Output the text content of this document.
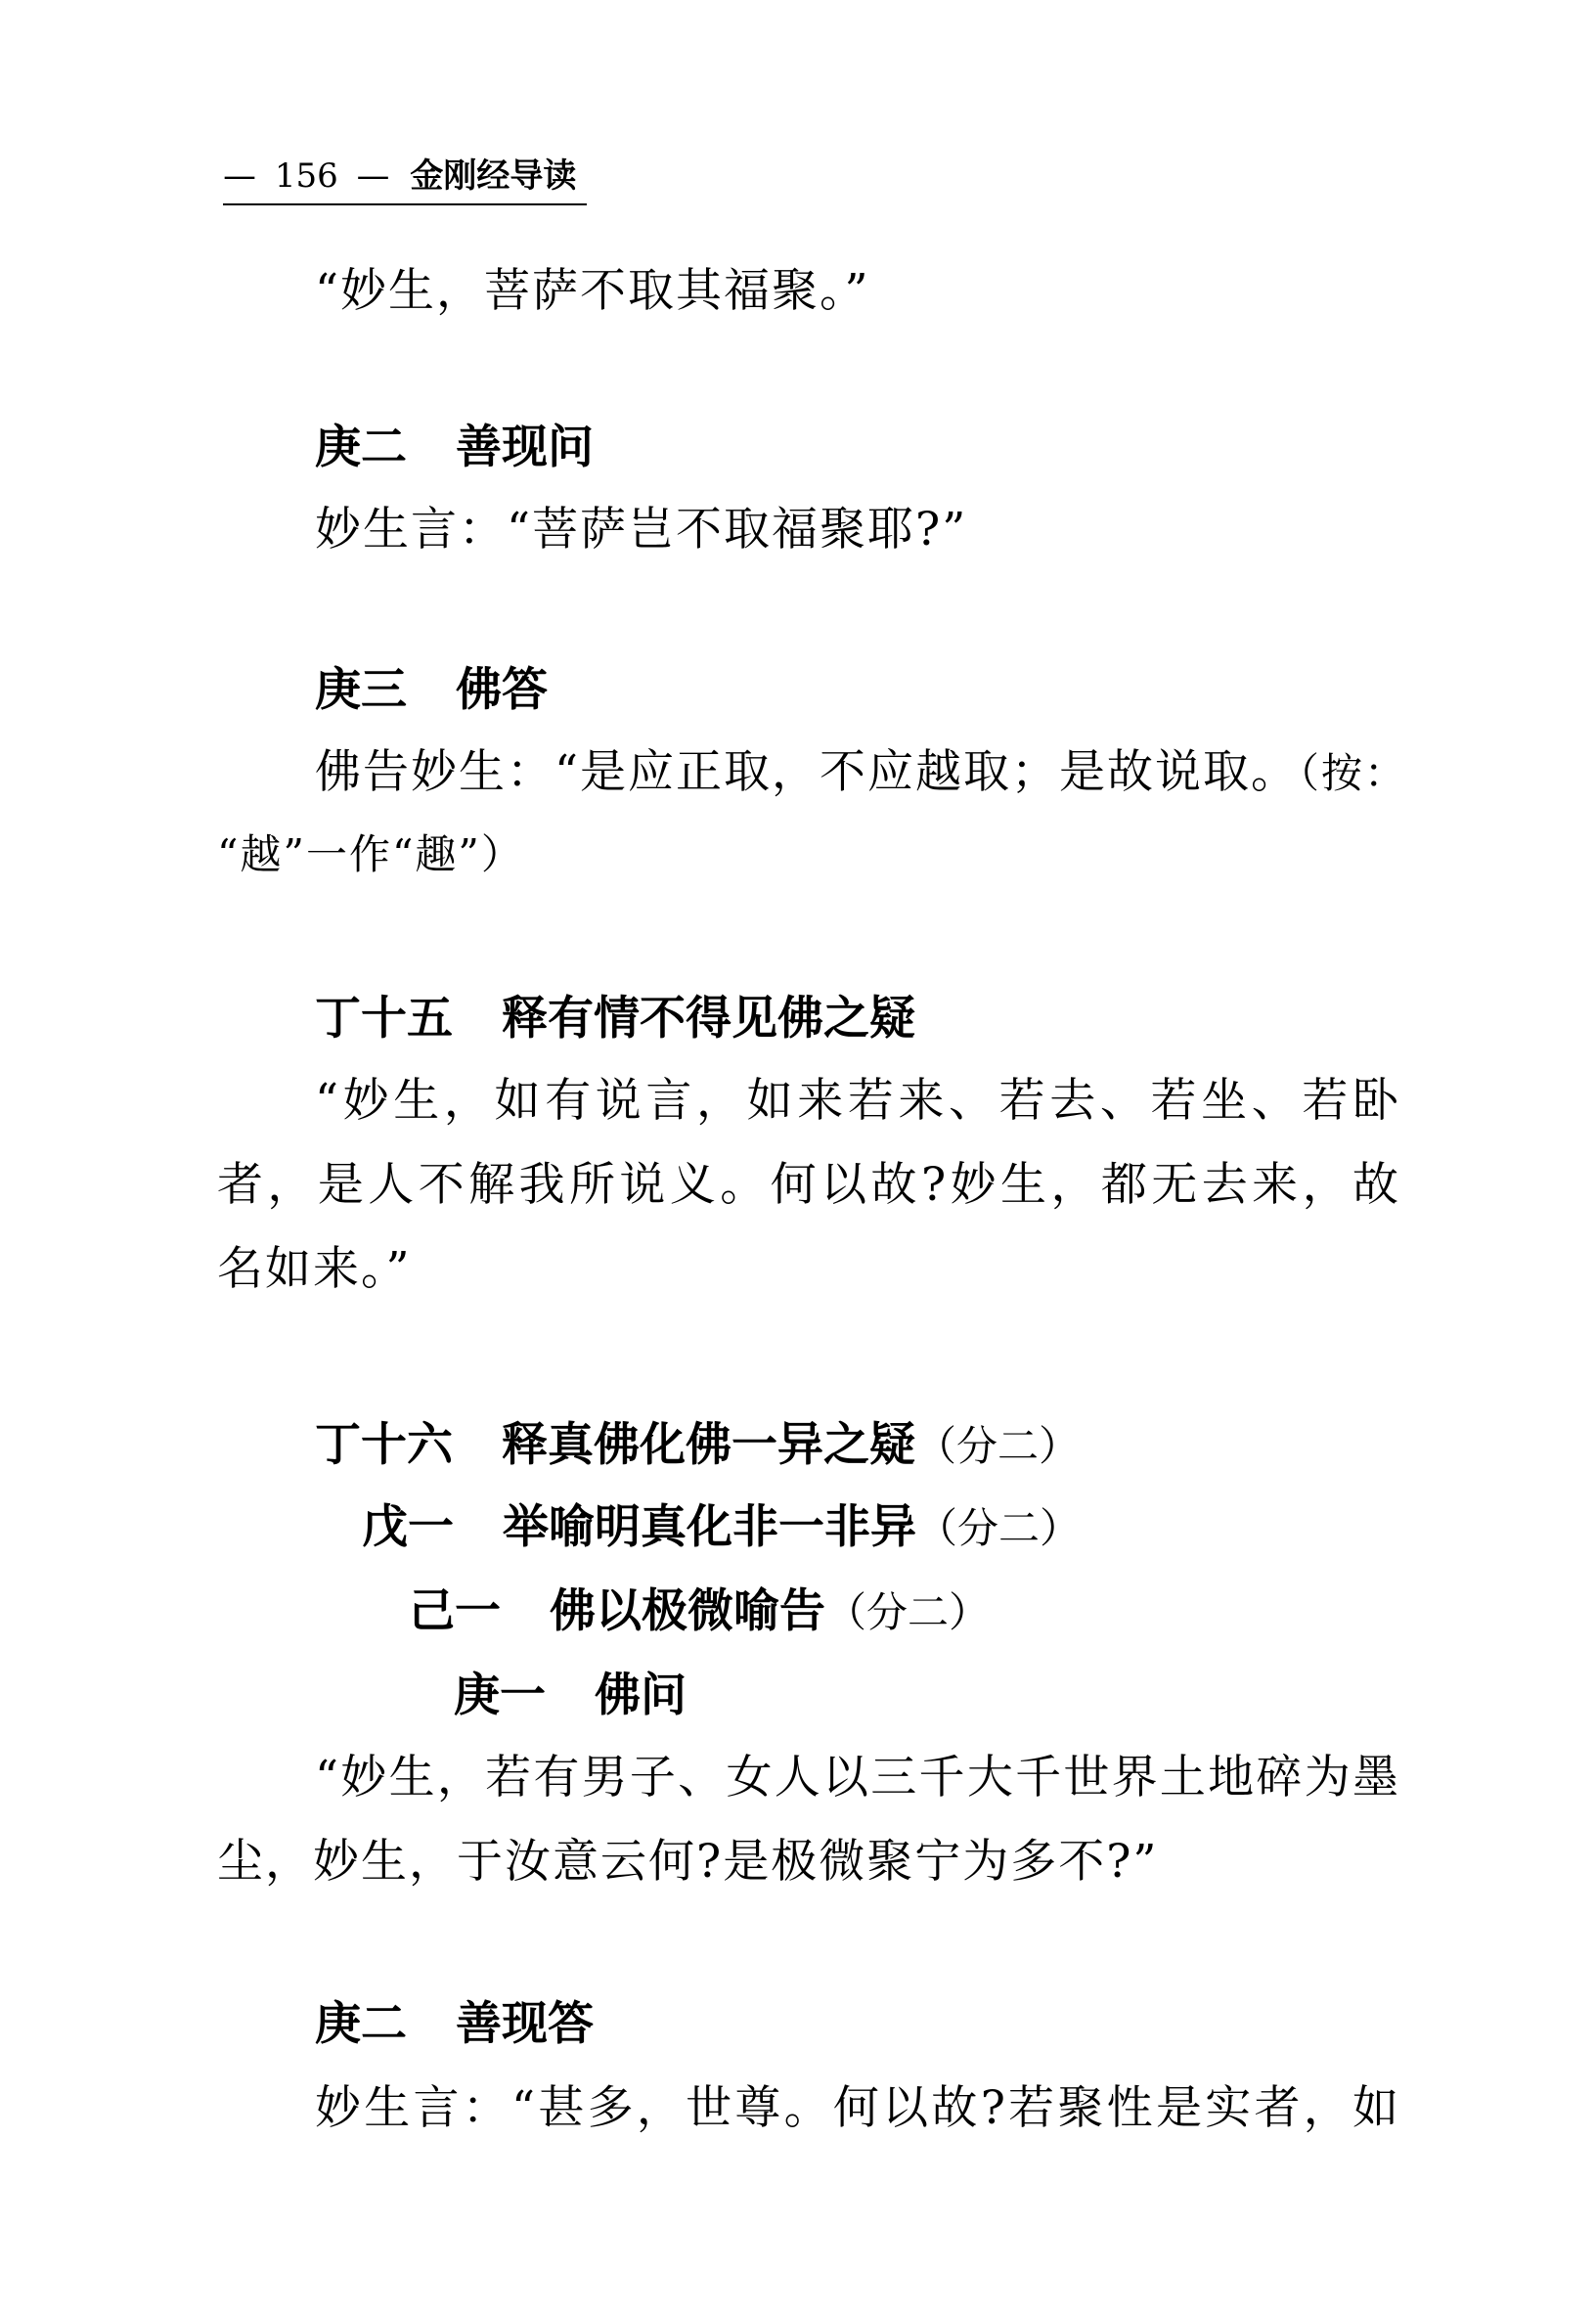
— 156 — 金刚经导读
“妙生，菩萨不取其福聚。”
庚二 善现问
妙生言：“菩萨岂不取福聚耶?”
庚三 佛答
佛告妙生：“是应正取，不应越取；是故说取。（按：
“越”一作“趣”）
丁十五 释有情不得见佛之疑
“妙生，如有说言，如来若来、若去、若坐、若卧
者，是人不解我所说义。何以故?妙生，都无去来，故
名如来。”
丁十六 释真佛化佛一异之疑（分二）
戊一 举喻明真化非一非异（分二）
己一 佛以极微喻告（分二）
庚一 佛问
“妙生，若有男子、女人以三千大千世界土地碎为墨
尘，妙生，于汝意云何?是极微聚宁为多不?”
庚二 善现答
妙生言：“甚多，世尊。何以故?若聚性是实者，如
